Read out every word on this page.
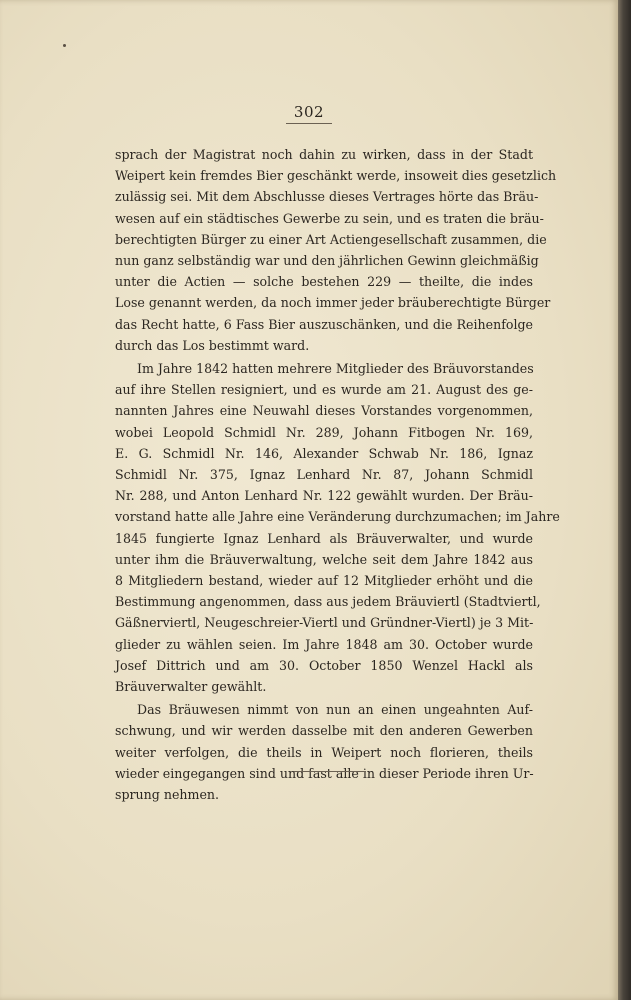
302
sprach der Magistrat noch dahin zu wirken, dass in der Stadt
Weipert kein fremdes Bier geschänkt werde, insoweit dies gesetzlich
zulässig sei. Mit dem Abschlusse dieses Vertrages hörte das Bräu-
wesen auf ein städtisches Gewerbe zu sein, und es traten die bräu-
berechtigten Bürger zu einer Art Actiengesellschaft zusammen, die
nun ganz selbständig war und den jährlichen Gewinn gleichmäßig
unter die Actien — solche bestehen 229 — theilte, die indes
Lose genannt werden, da noch immer jeder bräuberechtigte Bürger
das Recht hatte, 6 Fass Bier auszuschänken, und die Reihenfolge
durch das Los bestimmt ward.
Im Jahre 1842 hatten mehrere Mitglieder des Bräuvorstandes
auf ihre Stellen resigniert, und es wurde am 21. August des ge-
nannten Jahres eine Neuwahl dieses Vorstandes vorgenommen,
wobei Leopold Schmidl Nr. 289, Johann Fitbogen Nr. 169,
E. G. Schmidl Nr. 146, Alexander Schwab Nr. 186, Ignaz
Schmidl Nr. 375, Ignaz Lenhard Nr. 87, Johann Schmidl
Nr. 288, und Anton Lenhard Nr. 122 gewählt wurden. Der Bräu-
vorstand hatte alle Jahre eine Veränderung durchzumachen; im Jahre
1845 fungierte Ignaz Lenhard als Bräuverwalter, und wurde
unter ihm die Bräuverwaltung, welche seit dem Jahre 1842 aus
8 Mitgliedern bestand, wieder auf 12 Mitglieder erhöht und die
Bestimmung angenommen, dass aus jedem Bräuviertl (Stadtviertl,
Gäßnerviertl, Neugeschreier-Viertl und Gründner-Viertl) je 3 Mit-
glieder zu wählen seien. Im Jahre 1848 am 30. October wurde
Josef Dittrich und am 30. October 1850 Wenzel Hackl als
Bräuverwalter gewählt.
Das Bräuwesen nimmt von nun an einen ungeahnten Auf-
schwung, und wir werden dasselbe mit den anderen Gewerben
weiter verfolgen, die theils in Weipert noch florieren, theils
wieder eingegangen sind und fast alle in dieser Periode ihren Ur-
sprung nehmen.
